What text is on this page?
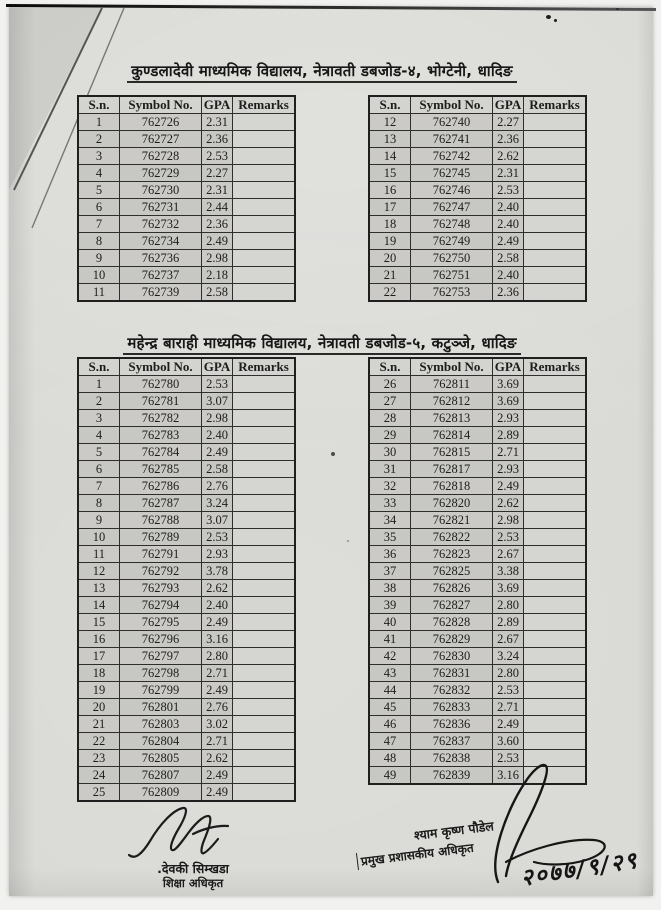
कुण्डलादेवी माध्यमिक विद्यालय, नेत्रावती डबजोड-४, भोग्टेनी, धादिङ
S.n.	Symbol No.	GPA	Remarks
1	762726	2.31	
2	762727	2.36	
3	762728	2.53	
4	762729	2.27	
5	762730	2.31	
6	762731	2.44	
7	762732	2.36	
8	762734	2.49	
9	762736	2.98	
10	762737	2.18	
11	762739	2.58	
S.n.	Symbol No.	GPA	Remarks
12	762740	2.27	
13	762741	2.36	
14	762742	2.62	
15	762745	2.31	
16	762746	2.53	
17	762747	2.40	
18	762748	2.40	
19	762749	2.49	
20	762750	2.58	
21	762751	2.40	
22	762753	2.36	
महेन्द्र बाराही माध्यमिक विद्यालय, नेत्रावती डबजोड-५, कटुञ्जे, धादिङ
S.n.	Symbol No.	GPA	Remarks
1	762780	2.53	
2	762781	3.07	
3	762782	2.98	
4	762783	2.40	
5	762784	2.49	
6	762785	2.58	
7	762786	2.76	
8	762787	3.24	
9	762788	3.07	
10	762789	2.53	
11	762791	2.93	
12	762792	3.78	
13	762793	2.62	
14	762794	2.40	
15	762795	2.49	
16	762796	3.16	
17	762797	2.80	
18	762798	2.71	
19	762799	2.49	
20	762801	2.76	
21	762803	3.02	
22	762804	2.71	
23	762805	2.62	
24	762807	2.49	
25	762809	2.49	
S.n.	Symbol No.	GPA	Remarks
26	762811	3.69	
27	762812	3.69	
28	762813	2.93	
29	762814	2.89	
30	762815	2.71	
31	762817	2.93	
32	762818	2.49	
33	762820	2.62	
34	762821	2.98	
35	762822	2.53	
36	762823	2.67	
37	762825	3.38	
38	762826	3.69	
39	762827	2.80	
40	762828	2.89	
41	762829	2.67	
42	762830	3.24	
43	762831	2.80	
44	762832	2.53	
45	762833	2.71	
46	762836	2.49	
47	762837	3.60	
48	762838	2.53	
49	762839	3.16	
.देवकी सिम्खडा
शिक्षा अधिकृत
श्याम कृष्ण पौडेल
प्रमुख प्रशासकीय अधिकृत	२०७७/९/२९
